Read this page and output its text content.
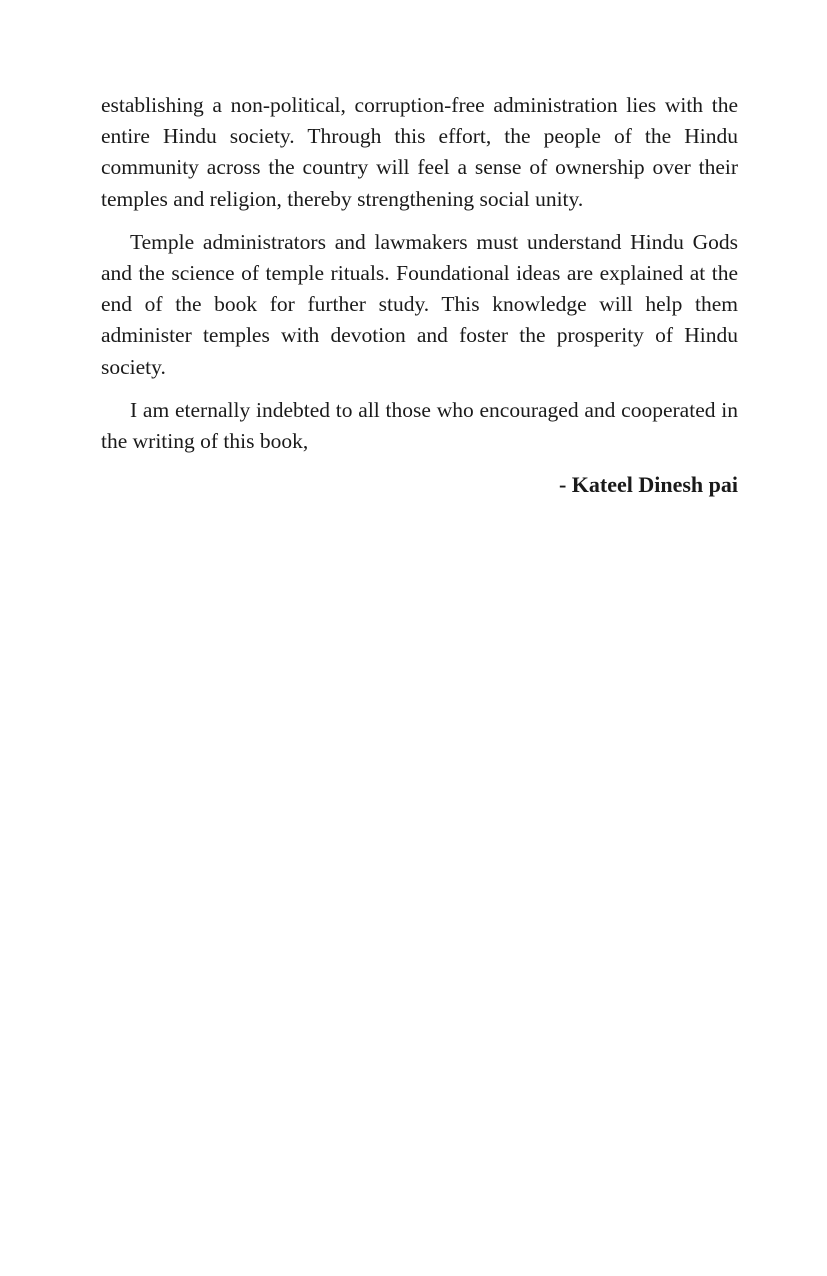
establishing a non-political, corruption-free administration lies with the entire Hindu society. Through this effort, the people of the Hindu community across the country will feel a sense of ownership over their temples and religion, thereby strengthening social unity.

Temple administrators and lawmakers must understand Hindu Gods and the science of temple rituals. Foundational ideas are explained at the end of the book for further study. This knowledge will help them administer temples with devotion and foster the prosperity of Hindu society.

I am eternally indebted to all those who encouraged and cooperated in the writing of this book,

- Kateel Dinesh pai
